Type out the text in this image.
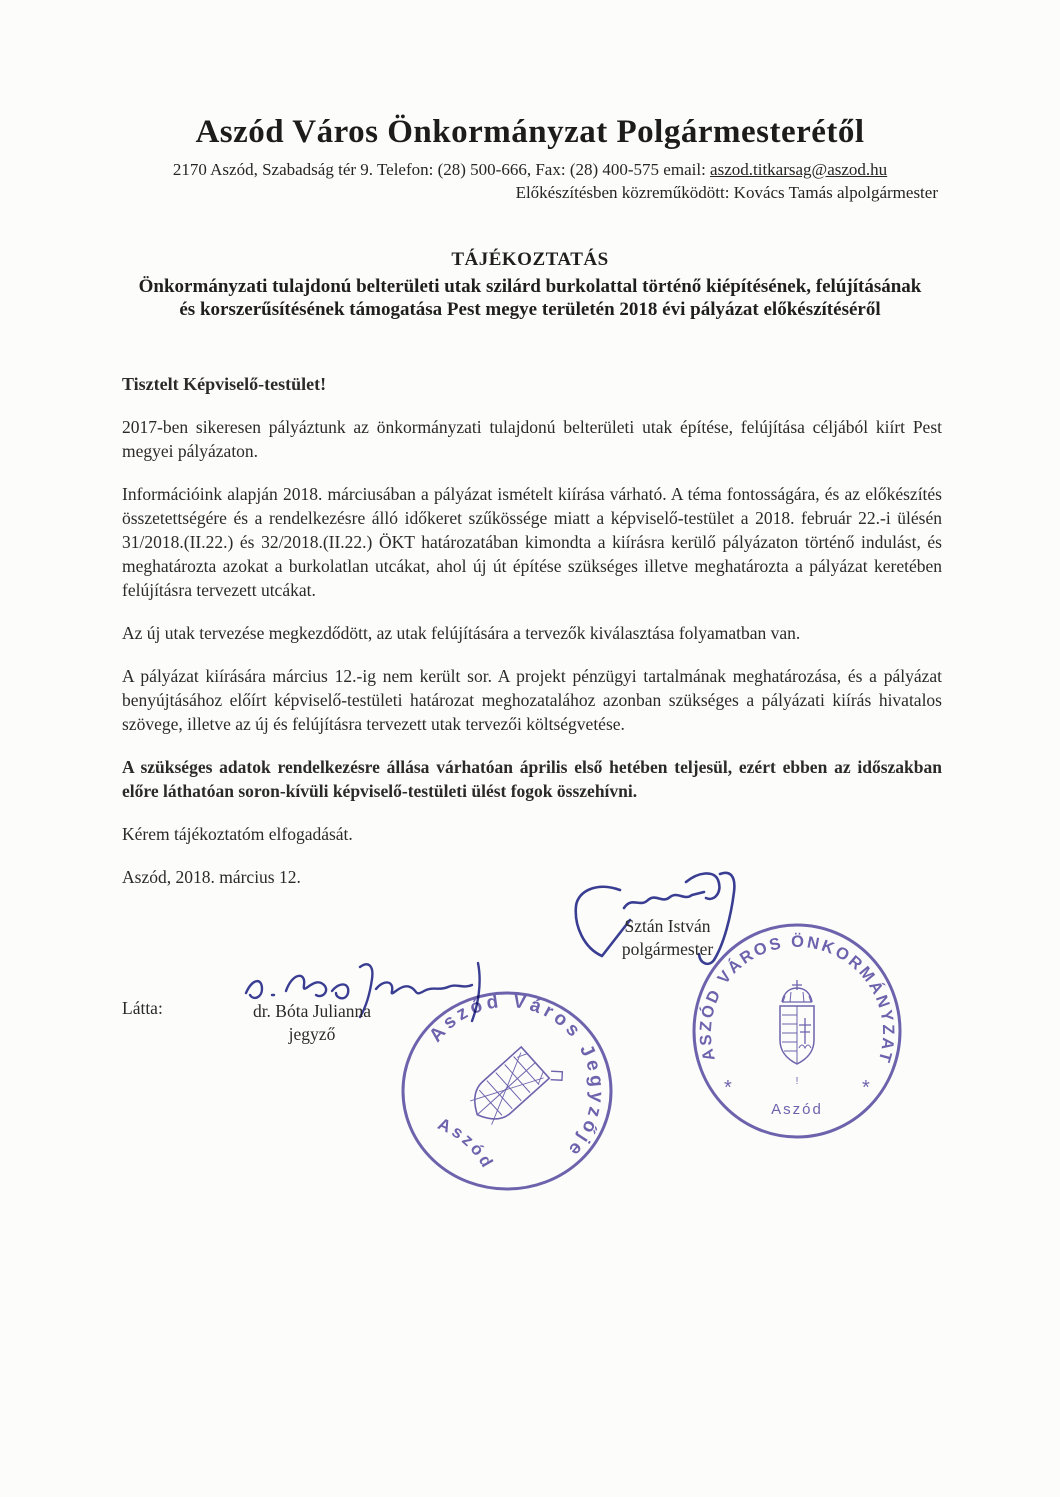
Aszód Város Önkormányzat Polgármesterétől
2170 Aszód, Szabadság tér 9. Telefon: (28) 500-666, Fax: (28) 400-575 email: aszod.titkarsag@aszod.hu
Előkészítésben közreműködött: Kovács Tamás alpolgármester
TÁJÉKOZTATÁS
Önkormányzati tulajdonú belterületi utak szilárd burkolattal történő kiépítésének, felújításának és korszerűsítésének támogatása Pest megye területén 2018 évi pályázat előkészítéséről
Tisztelt Képviselő-testület!

2017-ben sikeresen pályáztunk az önkormányzati tulajdonú belterületi utak építése, felújítása céljából kiírt Pest megyei pályázaton.

Információink alapján 2018. márciusában a pályázat ismételt kiírása várható. A téma fontosságára, és az előkészítés összetettségére és a rendelkezésre álló időkeret szűkössége miatt a képviselő-testület a 2018. február 22.-i ülésén 31/2018.(II.22.) és 32/2018.(II.22.) ÖKT határozatában kimondta a kiírásra kerülő pályázaton történő indulást, és meghatározta azokat a burkolatlan utcákat, ahol új út építése szükséges illetve meghatározta a pályázat keretében felújításra tervezett utcákat.

Az új utak tervezése megkezdődött, az utak felújítására a tervezők kiválasztása folyamatban van.

A pályázat kiírására március 12.-ig nem került sor. A projekt pénzügyi tartalmának meghatározása, és a pályázat benyújtásához előírt képviselő-testületi határozat meghozatalához azonban szükséges a pályázati kiírás hivatalos szövege, illetve az új és felújításra tervezett utak tervezői költségvetése.

A szükséges adatok rendelkezésre állása várhatóan április első hetében teljesül, ezért ebben az időszakban előre láthatóan soron-kívüli képviselő-testületi ülést fogok összehívni.

Kérem tájékoztatóm elfogadását.

Aszód, 2018. március 12.

Sztán István
polgármester
Látta:	dr. Bóta Julianna
jegyző	Aszód Város Jegyzője
Aszód
ASZÓD VÁROS ÖNKORMÁNYZAT
*	*
Aszód
!
